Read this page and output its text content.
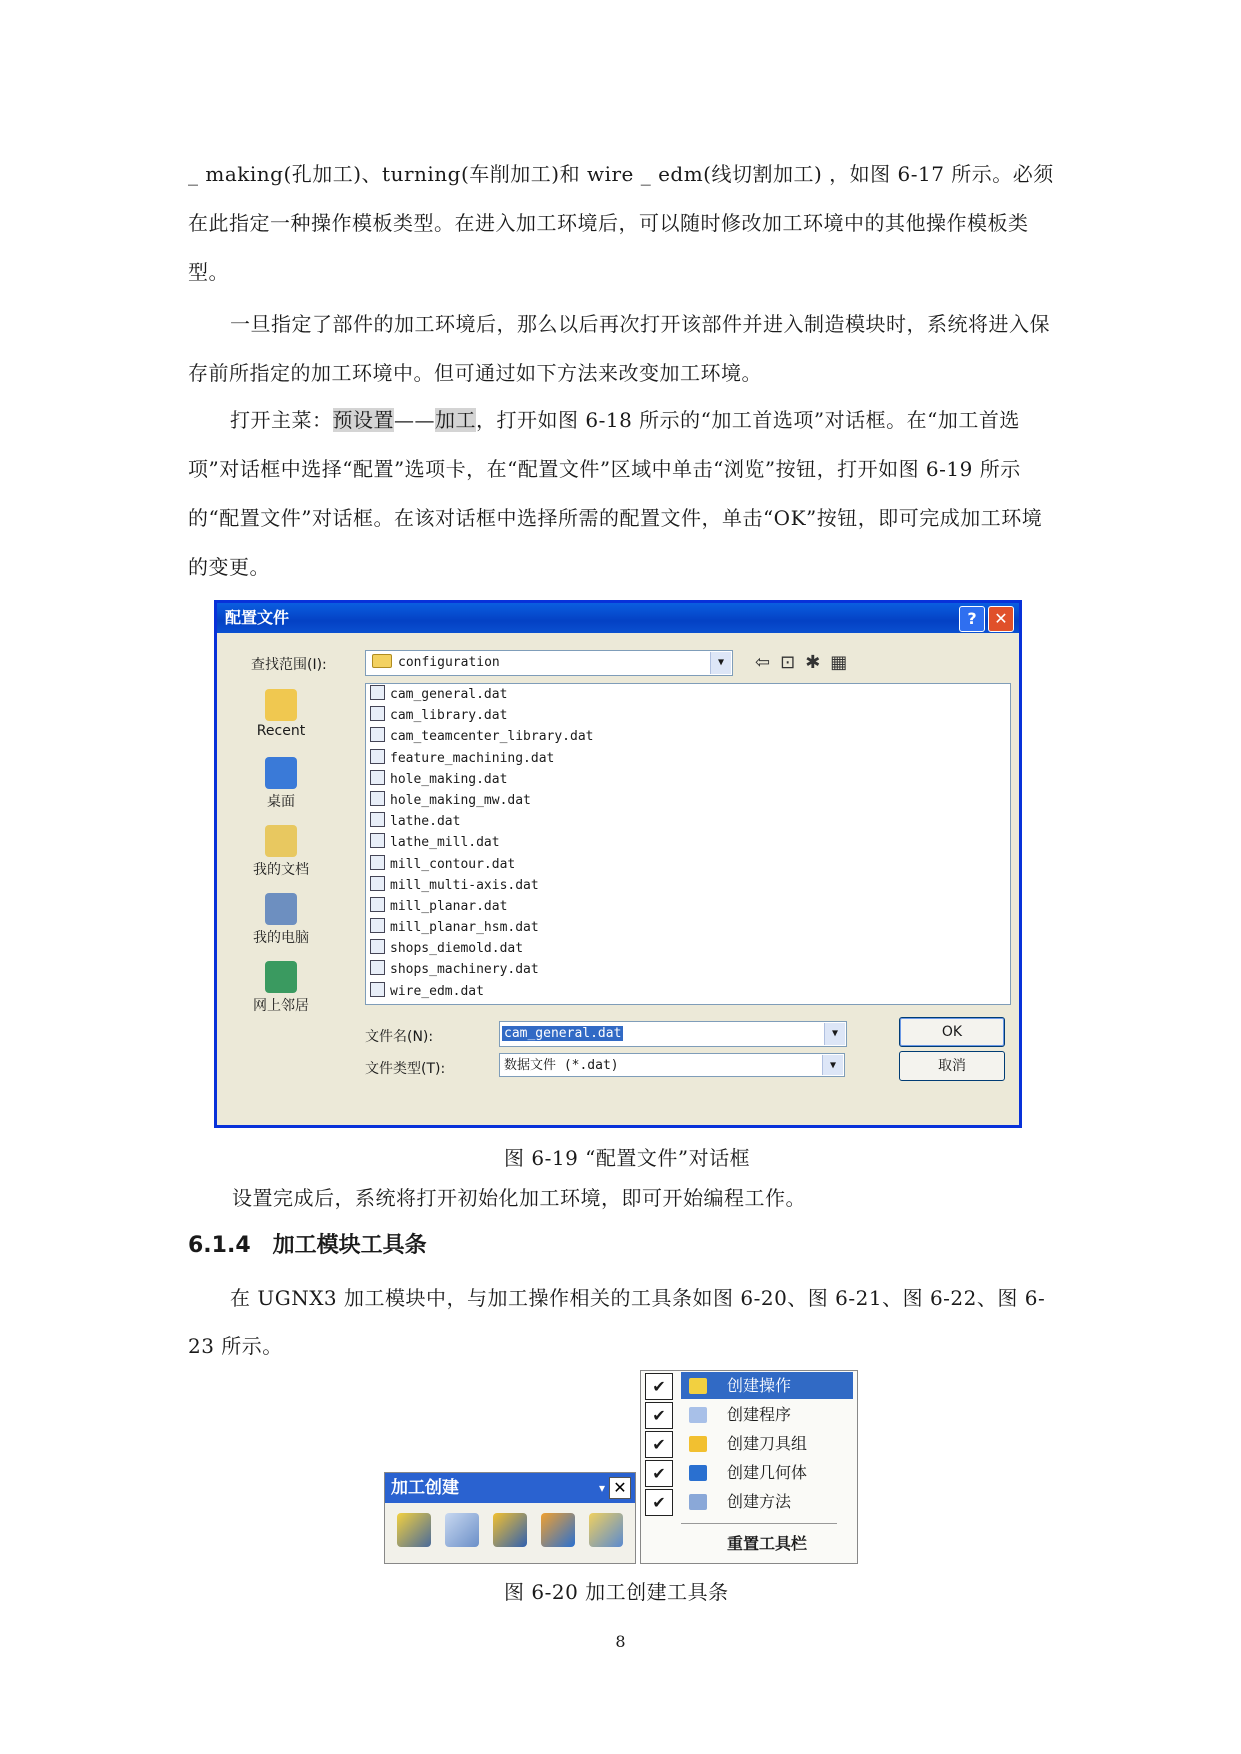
_ making(孔加工)、turning(车削加工)和 wire _ edm(线切割加工) ，如图 6-17 所示。必须在此指定一种操作模板类型。在进入加工环境后，可以随时修改加工环境中的其他操作模板类型。
一旦指定了部件的加工环境后，那么以后再次打开该部件并进入制造模块时，系统将进入保存前所指定的加工环境中。但可通过如下方法来改变加工环境。
打开主菜：预设置——加工，打开如图 6-18 所示的“加工首选项”对话框。在“加工首选项”对话框中选择“配置”选项卡，在“配置文件”区域中单击“浏览”按钮，打开如图 6-19 所示的“配置文件”对话框。在该对话框中选择所需的配置文件，单击“OK”按钮，即可完成加工环境的变更。
配置文件	?	✕
查找范围(I):	configuration	▼	⇦⊡✱▦
Recent
桌面
我的文档
我的电脑
网上邻居
cam_general.dat
cam_library.dat
cam_teamcenter_library.dat
feature_machining.dat
hole_making.dat
hole_making_mw.dat
lathe.dat
lathe_mill.dat
mill_contour.dat
mill_multi-axis.dat
mill_planar.dat
mill_planar_hsm.dat
shops_diemold.dat
shops_machinery.dat
wire_edm.dat
文件名(N):	cam_general.dat	▼
文件类型(T):	数据文件 (*.dat)	▼
OK
取消
图 6-19 “配置文件”对话框
设置完成后，系统将打开初始化加工环境，即可开始编程工作。
6.1.4 加工模块工具条
在 UGNX3 加工模块中，与加工操作相关的工具条如图 6-20、图 6-21、图 6-22、图 6-23 所示。
加工创建	▾ ✕
✔	创建操作
✔	创建程序
✔	创建刀具组
✔	创建几何体
✔	创建方法
重置工具栏
图 6-20 加工创建工具条
8
